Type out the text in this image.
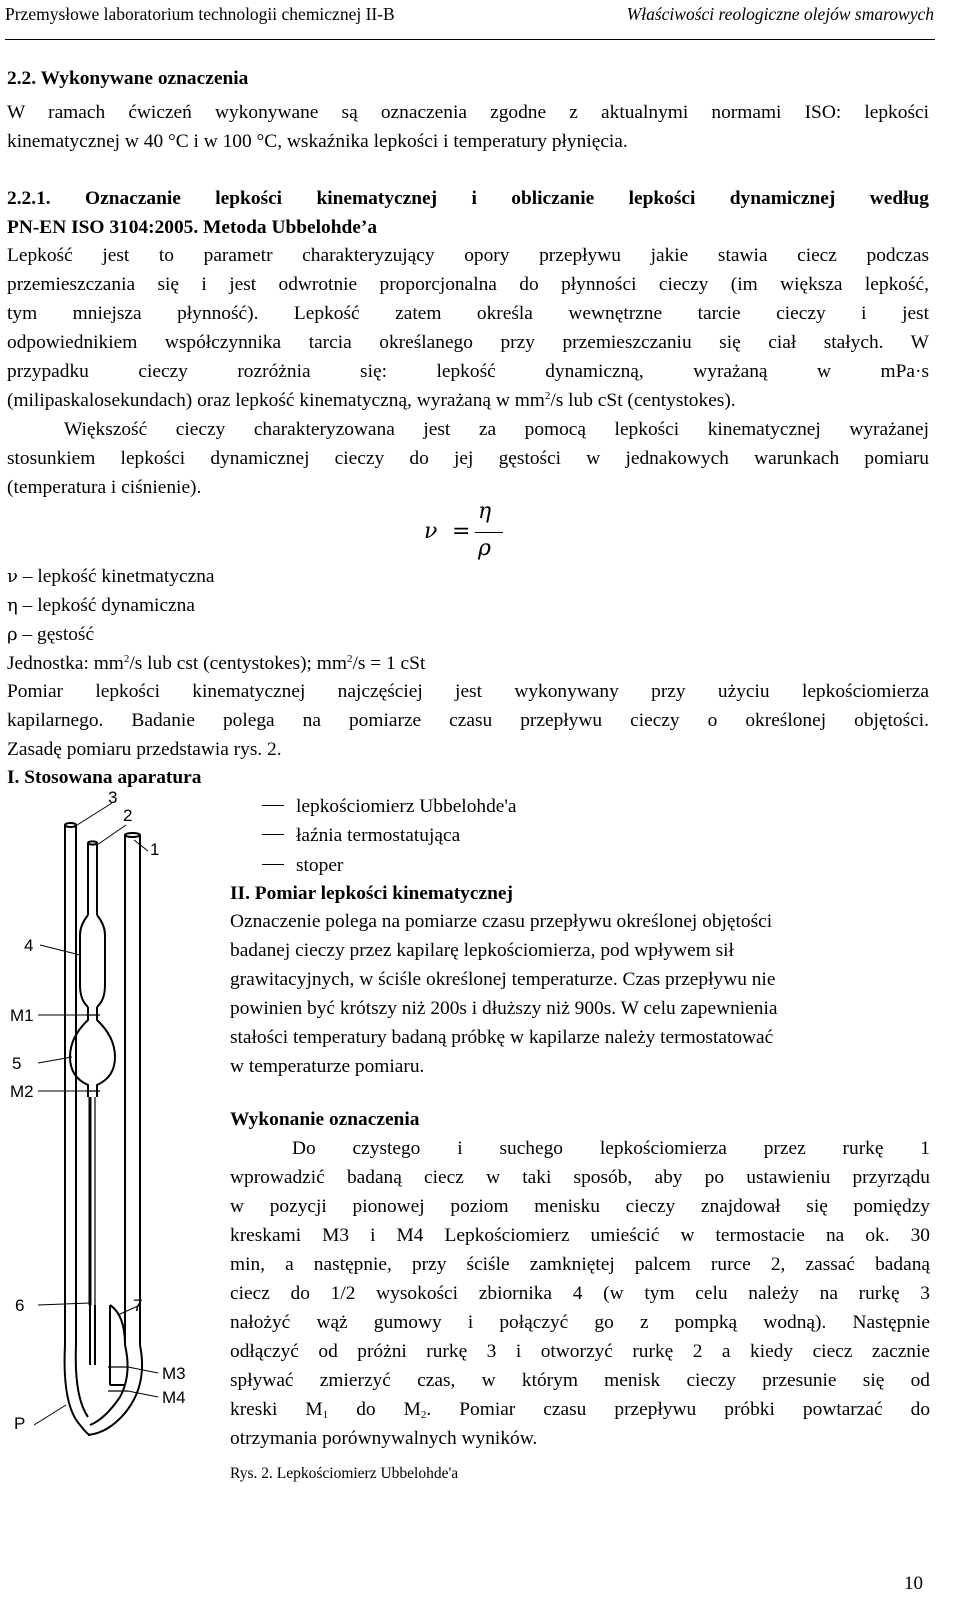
Przemysłowe laboratorium technologii chemicznej II-B	Właściwości reologiczne olejów smarowych
2.2. Wykonywane oznaczenia
W ramach ćwiczeń wykonywane są oznaczenia zgodne z aktualnymi normami ISO: lepkości
kinematycznej w 40 °C i w 100 °C, wskaźnika lepkości i temperatury płynięcia.
2.2.1. Oznaczanie lepkości kinematycznej i obliczanie lepkości dynamicznej według
PN-EN ISO 3104:2005. Metoda Ubbelohde’a
Lepkość jest to parametr charakteryzujący opory przepływu jakie stawia ciecz podczas
przemieszczania się i jest odwrotnie proporcjonalna do płynności cieczy (im większa lepkość,
tym mniejsza płynność). Lepkość zatem określa wewnętrzne tarcie cieczy i jest
odpowiednikiem współczynnika tarcia określanego przy przemieszczaniu się ciał stałych. W
przypadku cieczy rozróżnia się: lepkość dynamiczną, wyrażaną w mPa·s
(milipaskalosekundach) oraz lepkość kinematyczną, wyrażaną w $mm^2/s$ lub cSt (centystokes).
Większość cieczy charakteryzowana jest za pomocą lepkości kinematycznej wyrażanej
stosunkiem lepkości dynamicznej cieczy do jej gęstości w jednakowych warunkach pomiaru
(temperatura i ciśnienie).
ν =
η
ρ
ν – lepkość kinetmatyczna
η – lepkość dynamiczna
ρ – gęstość
Jednostka: $mm^2/s$ lub cst (centystokes); $mm^2/s = 1$ cSt
Pomiar lepkości kinematycznej najczęściej jest wykonywany przy użyciu lepkościomierza
kapilarnego. Badanie polega na pomiarze czasu przepływu cieczy o określonej objętości.
Zasadę pomiaru przedstawia rys. 2.
I. Stosowana aparatura
lepkościomierz Ubbelohde'a
łaźnia termostatująca
stoper
II. Pomiar lepkości kinematycznej
Oznaczenie polega na pomiarze czasu przepływu określonej objętości
badanej cieczy przez kapilarę lepkościomierza, pod wpływem sił
grawitacyjnych, w ściśle określonej temperaturze. Czas przepływu nie
powinien być krótszy niż 200s i dłuższy niż 900s. W celu zapewnienia
stałości temperatury badaną próbkę w kapilarze należy termostatować
w temperaturze pomiaru.
Wykonanie oznaczenia
Do czystego i suchego lepkościomierza przez rurkę 1
wprowadzić badaną ciecz w taki sposób, aby po ustawieniu przyrządu
w pozycji pionowej poziom menisku cieczy znajdował się pomiędzy
kreskami M3 i M4 Lepkościomierz umieścić w termostacie na ok. 30
min, a następnie, przy ściśle zamkniętej palcem rurce 2, zassać badaną
ciecz do 1/2 wysokości zbiornika 4 (w tym celu należy na rurkę 3
nałożyć wąż gumowy i połączyć go z pompką wodną). Następnie
odłączyć od próżni rurkę 3 i otworzyć rurkę 2 a kiedy ciecz zacznie
spływać zmierzyć czas, w którym menisk cieczy przesunie się od
kreski $M_1$ do $M_2$. Pomiar czasu przepływu próbki powtarzać do
otrzymania porównywalnych wyników.
3
2
1
4
M1
5
M2
6	7
M3
M4
P
Rys. 2. Lepkościomierz Ubbelohde'a
10
